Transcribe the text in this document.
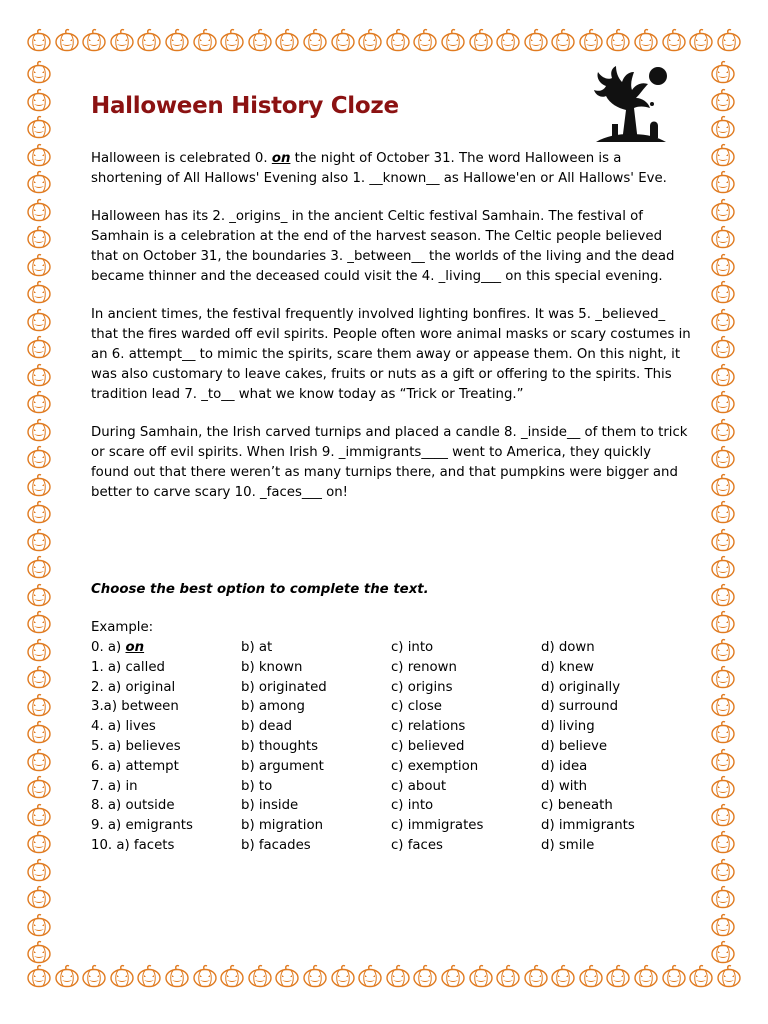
Halloween History Cloze

Halloween is celebrated 0. on the night of October 31. The word Halloween is a shortening of All Hallows' Evening also 1. __known__ as Hallowe'en or All Hallows' Eve.

Halloween has its 2. _origins_ in the ancient Celtic festival Samhain. The festival of Samhain is a celebration at the end of the harvest season. The Celtic people believed that on October 31, the boundaries 3. _between__ the worlds of the living and the dead became thinner and the deceased could visit the 4. _living___ on this special evening.

In ancient times, the festival frequently involved lighting bonfires. It was 5. _believed_ that the fires warded off evil spirits. People often wore animal masks or scary costumes in an 6. attempt__ to mimic the spirits, scare them away or appease them. On this night, it was also customary to leave cakes, fruits or nuts as a gift or offering to the spirits. This tradition lead 7. _to__ what we know today as “Trick or Treating.”

During Samhain, the Irish carved turnips and placed a candle 8. _inside__ of them to trick or scare off evil spirits. When Irish 9. _immigrants____ went to America, they quickly found out that there weren’t as many turnips there, and that pumpkins were bigger and better to carve scary 10. _faces___ on!

Choose the best option to complete the text.
Example:
0. a) on	b) at	c) into	d) down
1. a) called	b) known	c) renown	d) knew
2. a) original	b) originated	c) origins	d) originally
3.a) between	b) among	c) close	d) surround
4. a) lives	b) dead	c) relations	d) living
5. a) believes	b) thoughts	c) believed	d) believe
6. a) attempt	b) argument	c) exemption	d) idea
7. a) in	b) to	c) about	d) with
8. a) outside	b) inside	c) into	c) beneath
9. a) emigrants	b) migration	c) immigrates	d) immigrants
10. a) facets	b) facades	c) faces	d) smile
